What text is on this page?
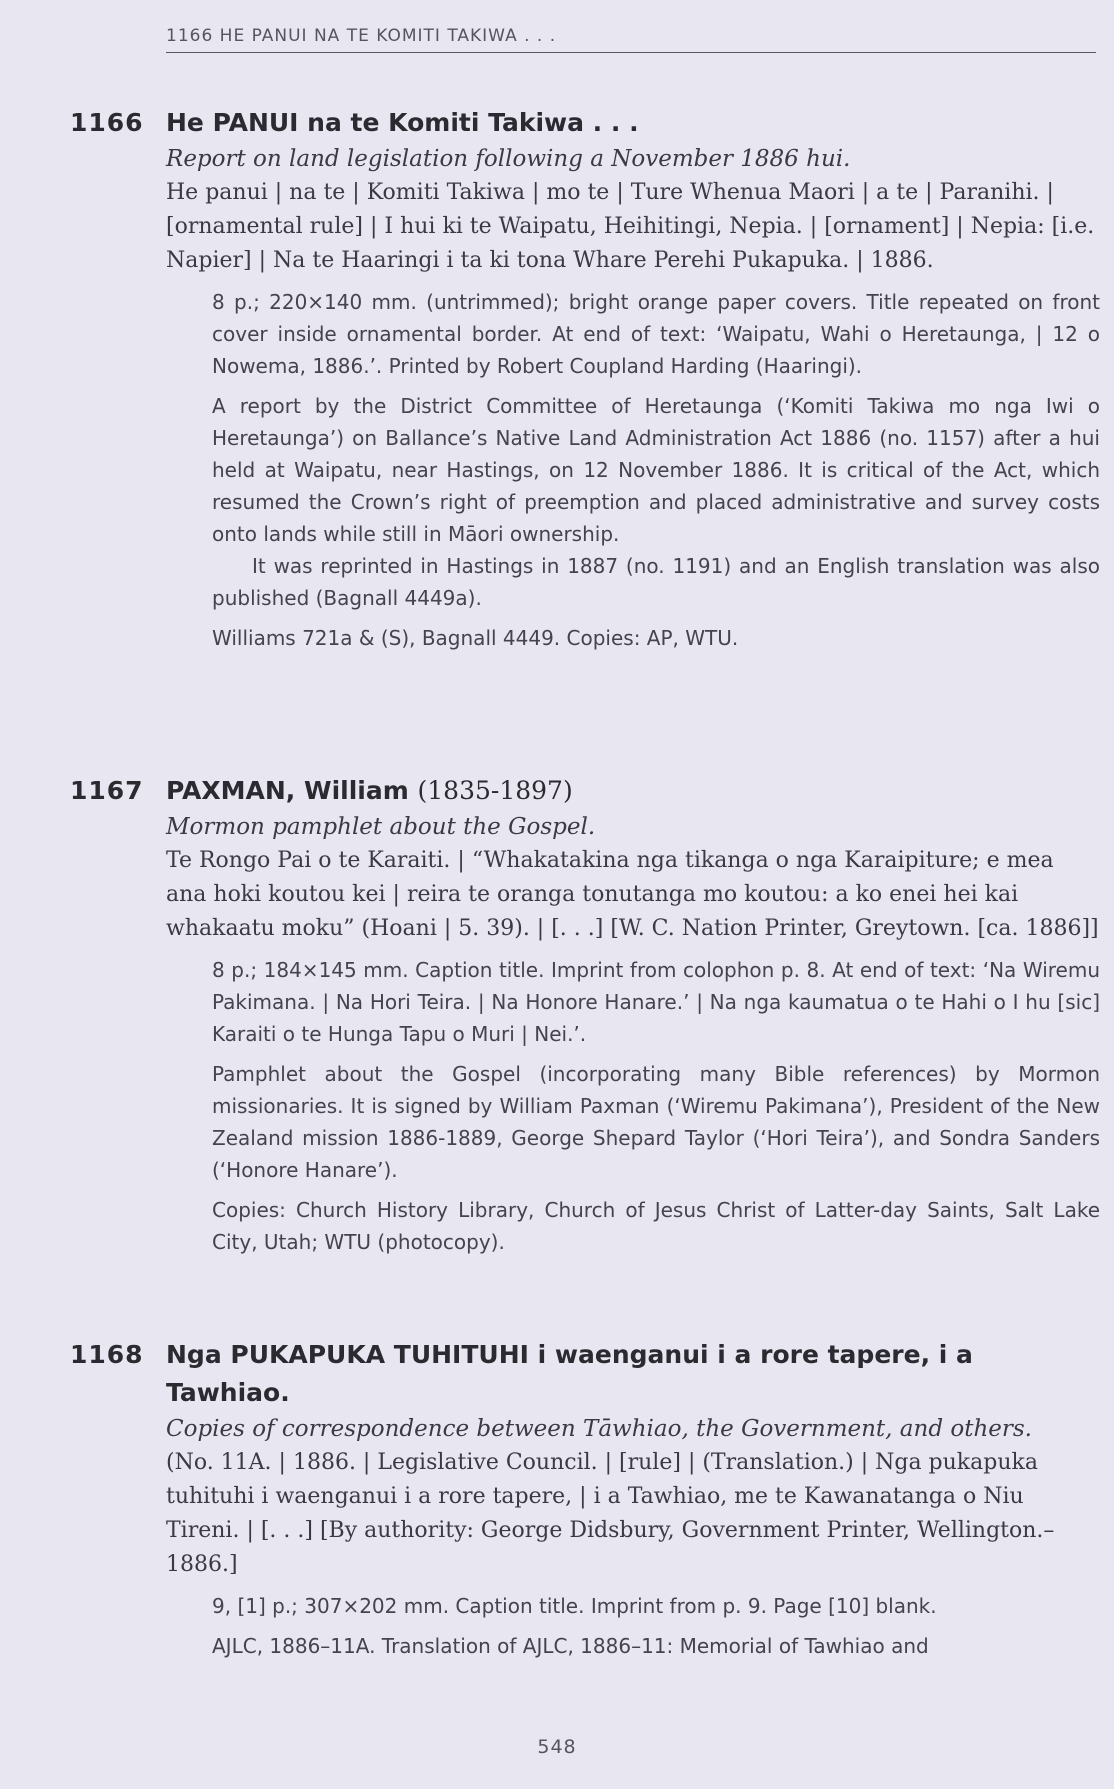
1166 HE PANUI NA TE KOMITI TAKIWA . . .
1166 He PANUI na te Komiti Takiwa . . .
Report on land legislation following a November 1886 hui.
He panui | na te | Komiti Takiwa | mo te | Ture Whenua Maori | a te | Paranihi. | [ornamental rule] | I hui ki te Waipatu, Heihitingi, Nepia. | [ornament] | Nepia: [i.e. Napier] | Na te Haaringi i ta ki tona Whare Perehi Pukapuka. | 1886.

8 p.; 220×140 mm. (untrimmed); bright orange paper covers. Title repeated on front cover inside ornamental border. At end of text: ‘Waipatu, Wahi o Heretaunga, | 12 o Nowema, 1886.’. Printed by Robert Coupland Harding (Haaringi).

A report by the District Committee of Heretaunga (‘Komiti Takiwa mo nga Iwi o Heretaunga’) on Ballance’s Native Land Administration Act 1886 (no. 1157) after a hui held at Waipatu, near Hastings, on 12 November 1886. It is critical of the Act, which resumed the Crown’s right of preemption and placed administrative and survey costs onto lands while still in Māori ownership.

It was reprinted in Hastings in 1887 (no. 1191) and an English translation was also published (Bagnall 4449a).

Williams 721a & (S), Bagnall 4449. Copies: AP, WTU.

1167 PAXMAN, William (1835-1897)
Mormon pamphlet about the Gospel.
Te Rongo Pai o te Karaiti. | “Whakatakina nga tikanga o nga Karaipiture; e mea ana hoki koutou kei | reira te oranga tonutanga mo koutou: a ko enei hei kai whakaatu moku” (Hoani | 5. 39). | [. . .] [W. C. Nation Printer, Greytown. [ca. 1886]]

8 p.; 184×145 mm. Caption title. Imprint from colophon p. 8. At end of text: ‘Na Wiremu Pakimana. | Na Hori Teira. | Na Honore Hanare.’ | Na nga kaumatua o te Hahi o I hu [sic] Karaiti o te Hunga Tapu o Muri | Nei.’.

Pamphlet about the Gospel (incorporating many Bible references) by Mormon missionaries. It is signed by William Paxman (‘Wiremu Pakimana’), President of the New Zealand mission 1886-1889, George Shepard Taylor (‘Hori Teira’), and Sondra Sanders (‘Honore Hanare’).

Copies: Church History Library, Church of Jesus Christ of Latter-day Saints, Salt Lake City, Utah; WTU (photocopy).

1168 Nga PUKAPUKA TUHITUHI i waenganui i a rore tapere, i a Tawhiao.
Copies of correspondence between Tāwhiao, the Government, and others.
(No. 11A. | 1886. | Legislative Council. | [rule] | (Translation.) | Nga pukapuka tuhituhi i waenganui i a rore tapere, | i a Tawhiao, me te Kawanatanga o Niu Tireni. | [. . .] [By authority: George Didsbury, Government Printer, Wellington.–1886.]

9, [1] p.; 307×202 mm. Caption title. Imprint from p. 9. Page [10] blank.

AJLC, 1886–11A. Translation of AJLC, 1886–11: Memorial of Tawhiao and

548
